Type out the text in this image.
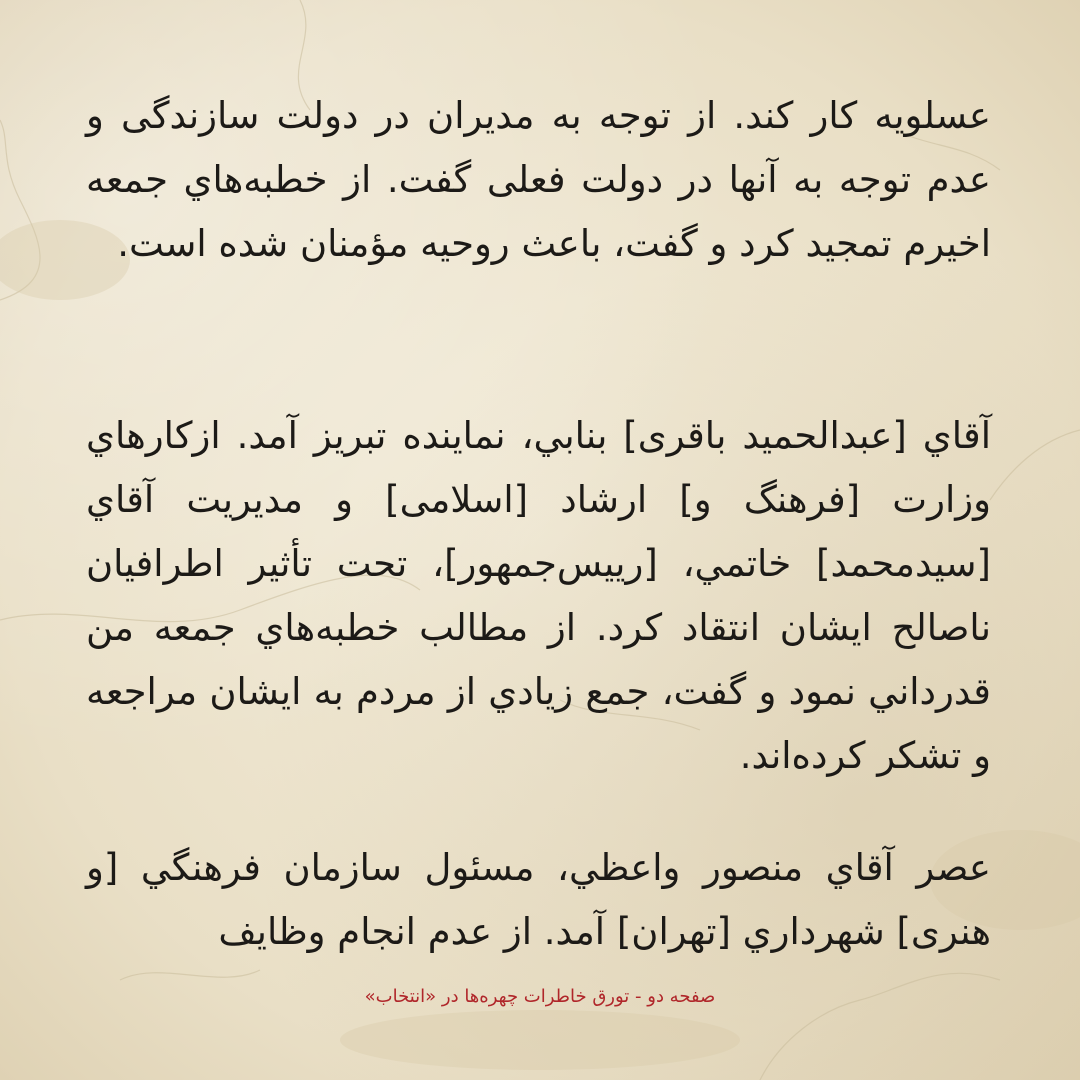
عسلويه كار كند. از توجه به مديران در دولت سازندگی و عدم توجه به آنها در دولت فعلی گفت. از خطبه‌هاي جمعه اخيرم تمجيد كرد و گفت، باعث روحيه مؤمنان شده است.

آقاي [عبدالحميد باقری] بنابي، نماينده تبريز آمد. ازكارهاي وزارت [فرهنگ و] ارشاد [اسلامی] و مديريت آقاي [سيدمحمد] خاتمي، [رييس‌جمهور]، تحت تأثير اطرافيان ناصالح ايشان انتقاد كرد. از مطالب خطبه‌هاي جمعه من قدرداني نمود و گفت، جمع زيادي از مردم به ايشان مراجعه و تشكر كرده‌اند.

عصر آقاي منصور واعظي، مسئول سازمان فرهنگي [و هنری] شهرداري [تهران] آمد. از عدم انجام وظايف

صفحه دو - تورق خاطرات چهره‌ها در «انتخاب»
